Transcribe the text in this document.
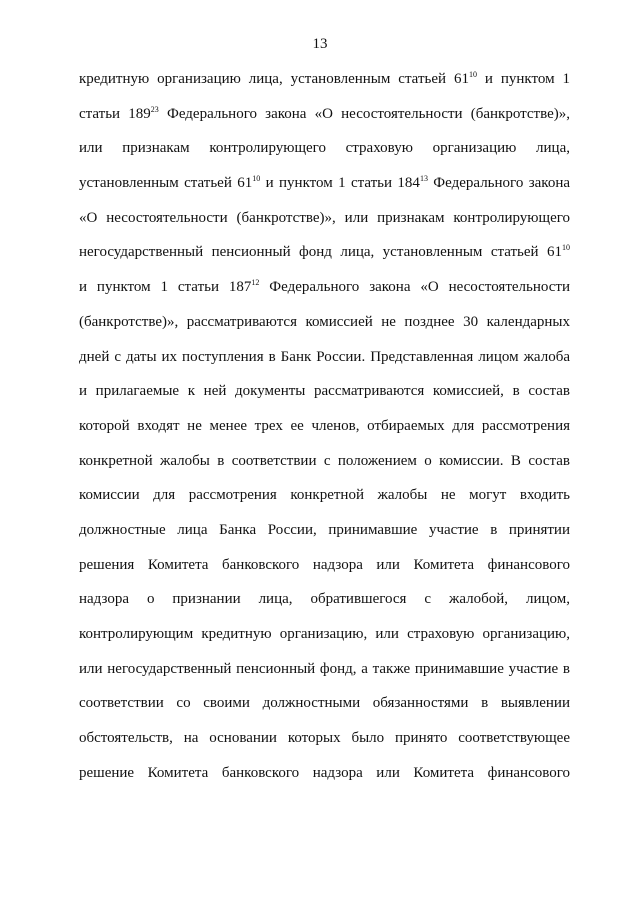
13
кредитную организацию лица, установленным статьей $61^{10}$ и пунктом 1
статьи $189^{23}$ Федерального закона «О несостоятельности (банкротстве)»,
или признакам контролирующего страховую организацию лица,
установленным статьей $61^{10}$ и пунктом 1 статьи $184^{13}$ Федерального закона
«О несостоятельности (банкротстве)», или признакам контролирующего
негосударственный пенсионный фонд лица, установленным статьей $61^{10}$
и пунктом 1 статьи $187^{12}$ Федерального закона «О несостоятельности
(банкротстве)», рассматриваются комиссией не позднее 30 календарных
дней с даты их поступления в Банк России. Представленная лицом жалоба
и прилагаемые к ней документы рассматриваются комиссией, в состав
которой входят не менее трех ее членов, отбираемых для рассмотрения
конкретной жалобы в соответствии с положением о комиссии. В состав
комиссии для рассмотрения конкретной жалобы не могут входить
должностные лица Банка России, принимавшие участие в принятии
решения Комитета банковского надзора или Комитета финансового
надзора о признании лица, обратившегося с жалобой, лицом,
контролирующим кредитную организацию, или страховую организацию,
или негосударственный пенсионный фонд, а также принимавшие участие в
соответствии со своими должностными обязанностями в выявлении
обстоятельств, на основании которых было принято соответствующее
решение Комитета банковского надзора или Комитета финансового
